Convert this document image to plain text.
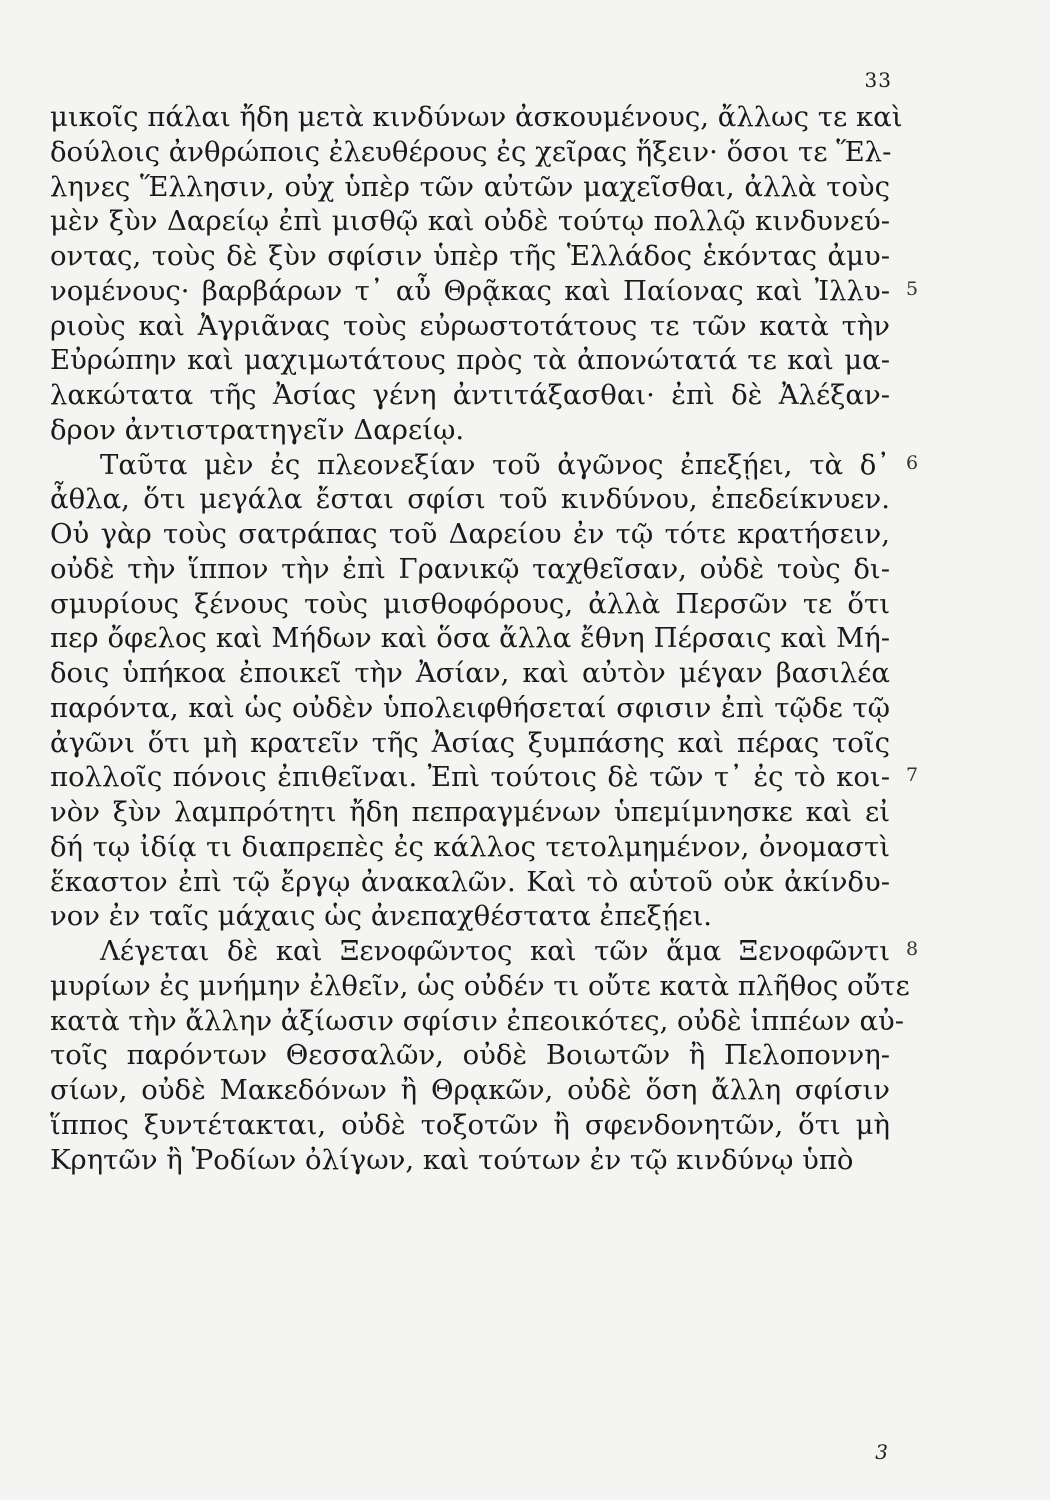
33
μικοῖς πάλαι ἤδη μετὰ κινδύνων ἀσκουμένους, ἄλλως τε καὶ
δούλοις ἀνθρώποις ἐλευθέρους ἐς χεῖρας ἥξειν· ὅσοι τε Ἕλ-
ληνες Ἕλλησιν, οὐχ ὑπὲρ τῶν αὐτῶν μαχεῖσθαι, ἀλλὰ τοὺς
μὲν ξὺν Δαρείῳ ἐπὶ μισθῷ καὶ οὐδὲ τούτῳ πολλῷ κινδυνεύ-
οντας, τοὺς δὲ ξὺν σφίσιν ὑπὲρ τῆς Ἑλλάδος ἑκόντας ἀμυ-
νομένους· βαρβάρων τ᾽ αὖ Θρᾷκας καὶ Παίονας καὶ Ἰλλυ-
ριοὺς καὶ Ἀγριᾶνας τοὺς εὐρωστοτάτους τε τῶν κατὰ τὴν
Εὐρώπην καὶ μαχιμωτάτους πρὸς τὰ ἀπονώτατά τε καὶ μα-
λακώτατα τῆς Ἀσίας γένη ἀντιτάξασθαι· ἐπὶ δὲ Ἀλέξαν-
δρον ἀντιστρατηγεῖν Δαρείῳ.
Ταῦτα μὲν ἐς πλεονεξίαν τοῦ ἀγῶνος ἐπεξῄει, τὰ δ᾽
ἆθλα, ὅτι μεγάλα ἔσται σφίσι τοῦ κινδύνου, ἐπεδείκνυεν.
Οὐ γὰρ τοὺς σατράπας τοῦ Δαρείου ἐν τῷ τότε κρατήσειν,
οὐδὲ τὴν ἵππον τὴν ἐπὶ Γρανικῷ ταχθεῖσαν, οὐδὲ τοὺς δι-
σμυρίους ξένους τοὺς μισθοφόρους, ἀλλὰ Περσῶν τε ὅτι
περ ὄφελος καὶ Μήδων καὶ ὅσα ἄλλα ἔθνη Πέρσαις καὶ Μή-
δοις ὑπήκοα ἐποικεῖ τὴν Ἀσίαν, καὶ αὐτὸν μέγαν βασιλέα
παρόντα, καὶ ὡς οὐδὲν ὑπολειφθήσεταί σφισιν ἐπὶ τῷδε τῷ
ἀγῶνι ὅτι μὴ κρατεῖν τῆς Ἀσίας ξυμπάσης καὶ πέρας τοῖς
πολλοῖς πόνοις ἐπιθεῖναι. Ἐπὶ τούτοις δὲ τῶν τ᾽ ἐς τὸ κοι-
νὸν ξὺν λαμπρότητι ἤδη πεπραγμένων ὑπεμίμνησκε καὶ εἰ
δή τῳ ἰδίᾳ τι διαπρεπὲς ἐς κάλλος τετολμημένον, ὀνομαστὶ
ἕκαστον ἐπὶ τῷ ἔργῳ ἀνακαλῶν. Καὶ τὸ αὑτοῦ οὐκ ἀκίνδυ-
νον ἐν ταῖς μάχαις ὡς ἀνεπαχθέστατα ἐπεξῄει.
Λέγεται δὲ καὶ Ξενοφῶντος καὶ τῶν ἅμα Ξενοφῶντι
μυρίων ἐς μνήμην ἐλθεῖν, ὡς οὐδέν τι οὔτε κατὰ πλῆθος οὔτε
κατὰ τὴν ἄλλην ἀξίωσιν σφίσιν ἐπεοικότες, οὐδὲ ἱππέων αὐ-
τοῖς παρόντων Θεσσαλῶν, οὐδὲ Βοιωτῶν ἢ Πελοποννη-
σίων, οὐδὲ Μακεδόνων ἢ Θρᾳκῶν, οὐδὲ ὅση ἄλλη σφίσιν
ἵππος ξυντέτακται, οὐδὲ τοξοτῶν ἢ σφενδονητῶν, ὅτι μὴ
Κρητῶν ἢ Ῥοδίων ὀλίγων, καὶ τούτων ἐν τῷ κινδύνῳ ὑπὸ
5
6
7
8
3
